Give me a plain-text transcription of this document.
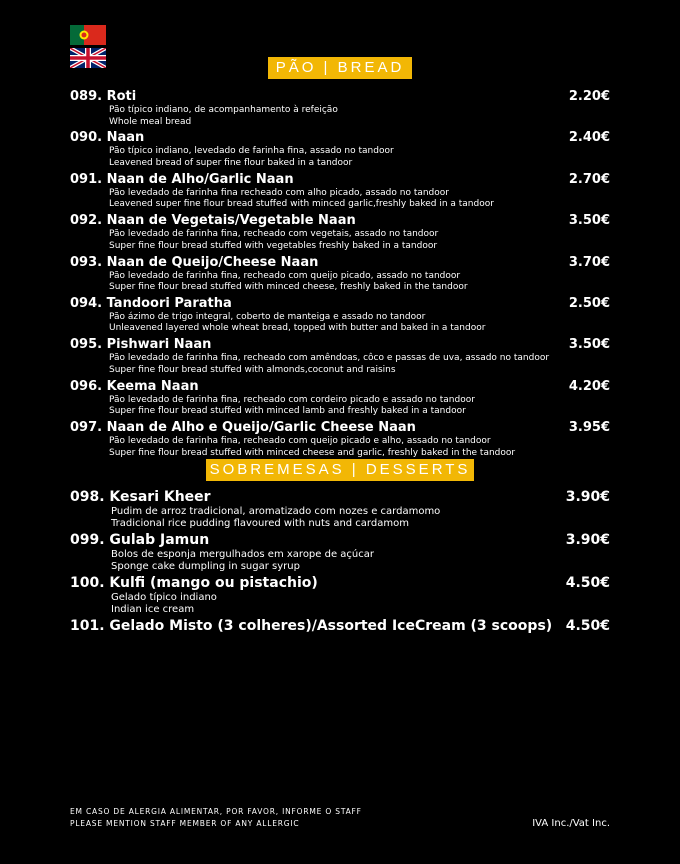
PÃO | BREAD
089. Roti	2.20€
Pão típico indiano, de acompanhamento à refeição
Whole meal bread
090. Naan	2.40€
Pão típico indiano, levedado de farinha fina, assado no tandoor
Leavened bread of super fine flour baked in a tandoor
091. Naan de Alho/Garlic Naan	2.70€
Pão levedado de farinha fina recheado com alho picado, assado no tandoor
Leavened super fine flour bread stuffed with minced garlic,freshly baked in a tandoor
092. Naan de Vegetais/Vegetable Naan	3.50€
Pão levedado de farinha fina, recheado com vegetais, assado no tandoor
Super fine flour bread stuffed with vegetables freshly baked in a tandoor
093. Naan de Queijo/Cheese Naan	3.70€
Pão levedado de farinha fina, recheado com queijo picado, assado no tandoor
Super fine flour bread stuffed with minced cheese, freshly baked in the tandoor
094. Tandoori Paratha	2.50€
Pão ázimo de trigo integral, coberto de manteiga e assado no tandoor
Unleavened layered whole wheat bread, topped with butter and baked in a tandoor
095. Pishwari Naan	3.50€
Pão levedado de farinha fina, recheado com amêndoas, côco e passas de uva, assado no tandoor
Super fine flour bread stuffed with almonds,coconut and raisins
096. Keema Naan	4.20€
Pão levedado de farinha fina, recheado com cordeiro picado e assado no tandoor
Super fine flour bread stuffed with minced lamb and freshly baked in a tandoor
097. Naan de Alho e Queijo/Garlic Cheese Naan	3.95€
Pão levedado de farinha fina, recheado com queijo picado e alho, assado no tandoor
Super fine flour bread stuffed with minced cheese and garlic, freshly baked in the tandoor
SOBREMESAS | DESSERTS
098. Kesari Kheer	3.90€
Pudim de arroz tradicional, aromatizado com nozes e cardamomo
Tradicional rice pudding flavoured with nuts and cardamom
099. Gulab Jamun	3.90€
Bolos de esponja mergulhados em xarope de açúcar
Sponge cake dumpling in sugar syrup
100. Kulfi (mango ou pistachio)	4.50€
Gelado típico indiano
Indian ice cream
101. Gelado Misto (3 colheres)/Assorted IceCream (3 scoops) 4.50€
EM CASO DE ALERGIA ALIMENTAR, POR FAVOR, INFORME O STAFF
PLEASE MENTION STAFF MEMBER OF ANY ALLERGIC	IVA Inc./Vat Inc.
